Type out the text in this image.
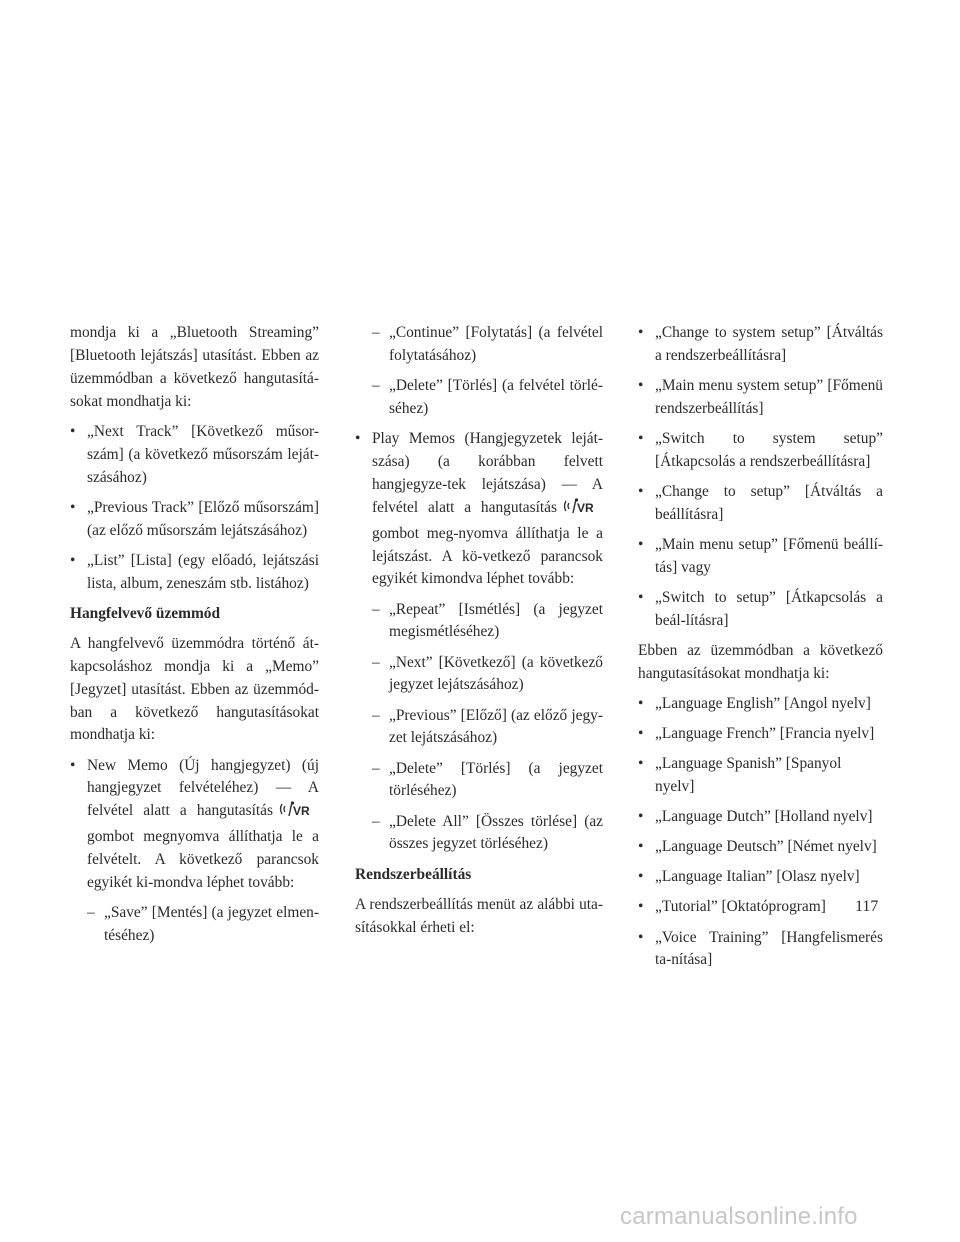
mondja ki a „Bluetooth Streaming” [Bluetooth lejátszás] utasítást. Ebben az üzemmódban a következő hangutasítá-sokat mondhatja ki:
• „Next Track” [Következő műsor-szám] (a következő műsorszám leját-szásához)
• „Previous Track” [Előző műsorszám] (az előző műsorszám lejátszásához)
• „List” [Lista] (egy előadó, lejátszási lista, album, zeneszám stb. listához)
Hangfelvevő üzemmód
A hangfelvevő üzemmódra történő át-kapcsoláshoz mondja ki a „Memo” [Jegyzet] utasítást. Ebben az üzemmód-ban a következő hangutasításokat mondhatja ki:
• New Memo (Új hangjegyzet) (új hangjegyzet felvételéhez) — A felvétel alatt a hangutasítás VR
gombot megnyomva állíthatja le a felvételt. A következő parancsok egyikét ki-mondva léphet tovább:
– „Save” [Mentés] (a jegyzet elmen-téséhez)
– „Continue” [Folytatás] (a felvétel folytatásához)
– „Delete” [Törlés] (a felvétel törlé-séhez)
• Play Memos (Hangjegyzetek leját-szása) (a korábban felvett hangjegyze-tek lejátszása) — A felvétel alatt a hangutasítás VR
gombot meg-nyomva állíthatja le a lejátszást. A kö-vetkező parancsok egyikét kimondva léphet tovább:
– „Repeat” [Ismétlés] (a jegyzet megismétléséhez)
– „Next” [Következő] (a következő jegyzet lejátszásához)
– „Previous” [Előző] (az előző jegy-zet lejátszásához)
– „Delete” [Törlés] (a jegyzet törléséhez)
– „Delete All” [Összes törlése] (az összes jegyzet törléséhez)
Rendszerbeállítás
A rendszerbeállítás menüt az alábbi uta-sításokkal érheti el:
• „Change to system setup” [Átváltás a rendszerbeállításra]
• „Main menu system setup” [Főmenü rendszerbeállítás]
• „Switch to system setup” [Átkapcsolás a rendszerbeállításra]
• „Change to setup” [Átváltás a beállításra]
• „Main menu setup” [Főmenü beállí-tás] vagy
• „Switch to setup” [Átkapcsolás a beál-lításra]
Ebben az üzemmódban a következő hangutasításokat mondhatja ki:
• „Language English” [Angol nyelv]
• „Language French” [Francia nyelv]
• „Language Spanish” [Spanyol nyelv]
• „Language Dutch” [Holland nyelv]
• „Language Deutsch” [Német nyelv]
• „Language Italian” [Olasz nyelv]
• „Tutorial” [Oktatóprogram]
• „Voice Training” [Hangfelismerés ta-nítása]
117
carmanualsonline.info
